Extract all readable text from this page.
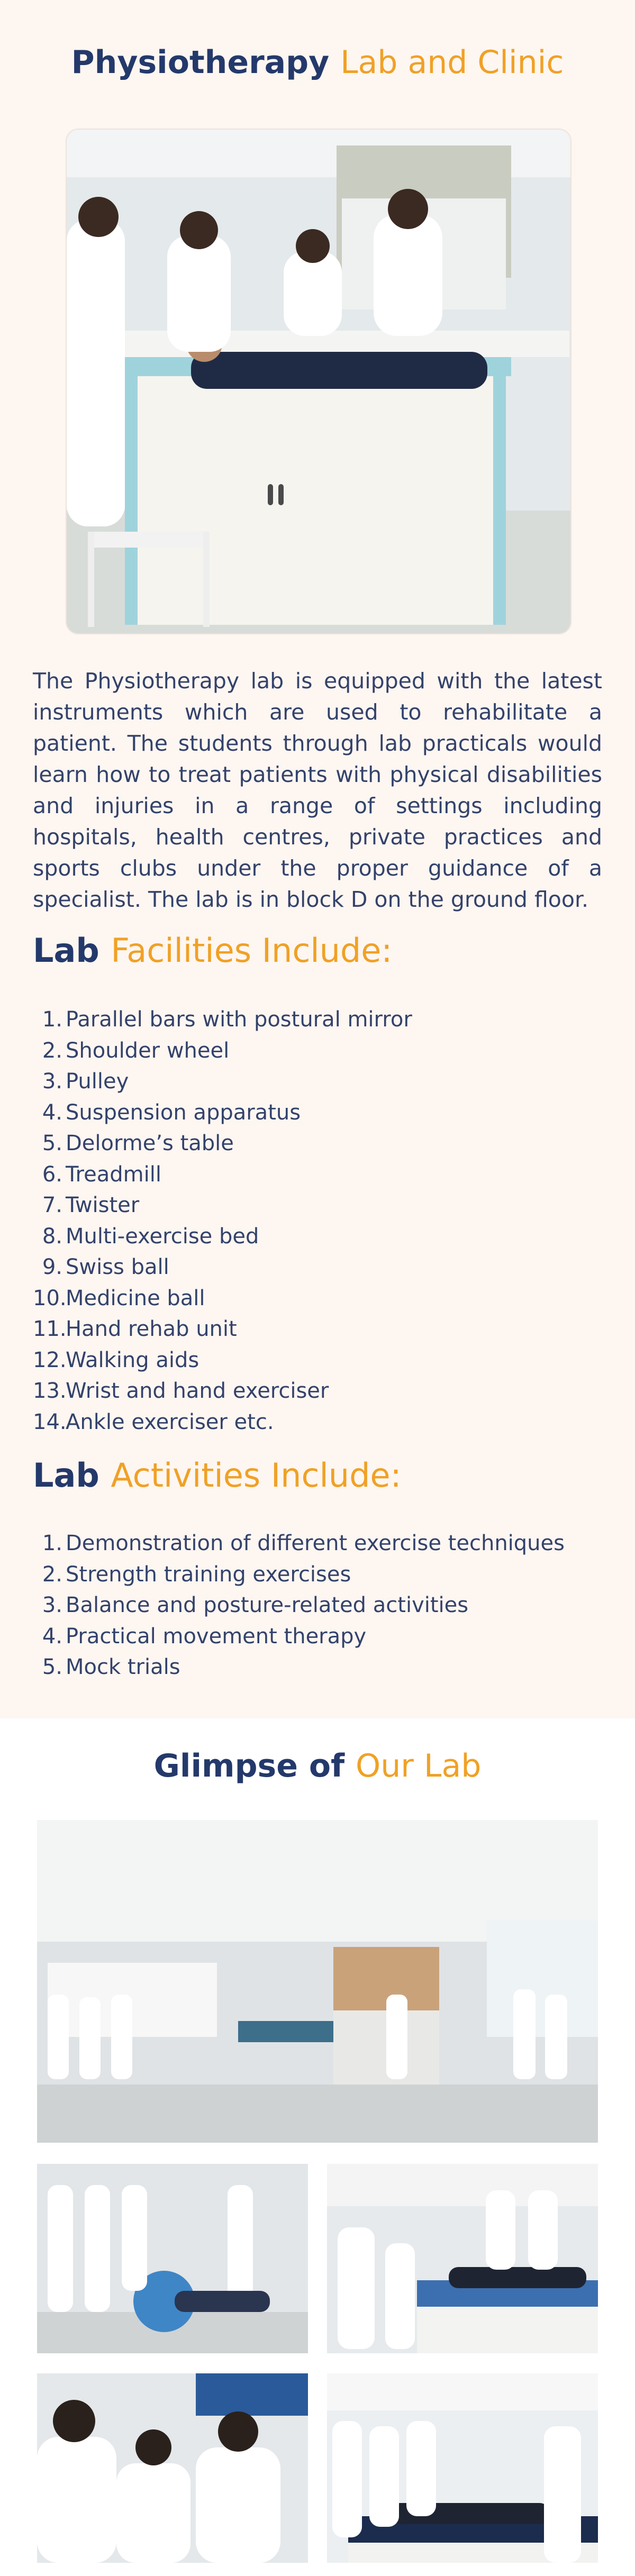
Physiotherapy Lab and Clinic

The Physiotherapy lab is equipped with the latest instruments which are used to rehabilitate a patient. The students through lab practicals would learn how to treat patients with physical disabilities and injuries in a range of settings including hospitals, health centres, private practices and sports clubs under the proper guidance of a specialist. The lab is in block D on the ground floor.

Lab Facilities Include:
1. Parallel bars with postural mirror
2. Shoulder wheel
3. Pulley
4. Suspension apparatus
5. Delorme’s table
6. Treadmill
7. Twister
8. Multi-exercise bed
9. Swiss ball
10.Medicine ball
11.Hand rehab unit
12.Walking aids
13.Wrist and hand exerciser
14.Ankle exerciser etc.
Lab Activities Include:
1. Demonstration of different exercise techniques
2. Strength training exercises
3. Balance and posture-related activities
4. Practical movement therapy
5. Mock trials
Glimpse of Our Lab
